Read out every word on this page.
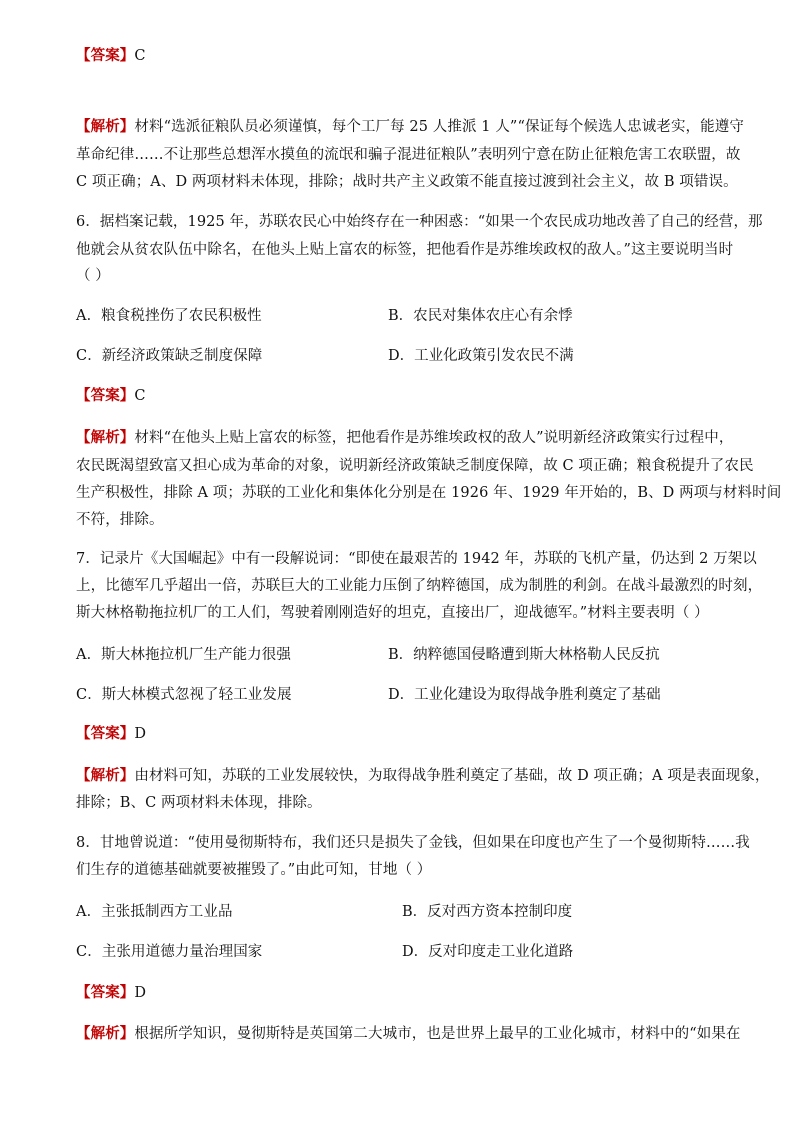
【答案】C
【解析】材料“选派征粮队员必须谨慎，每个工厂每 25 人推派 1 人”“保证每个候选人忠诚老实，能遵守
革命纪律……不让那些总想浑水摸鱼的流氓和骗子混进征粮队”表明列宁意在防止征粮危害工农联盟，故
C 项正确；A、D 两项材料未体现，排除；战时共产主义政策不能直接过渡到社会主义，故 B 项错误。
6．据档案记载，1925 年，苏联农民心中始终存在一种困惑：“如果一个农民成功地改善了自己的经营，那
他就会从贫农队伍中除名，在他头上贴上富农的标签，把他看作是苏维埃政权的敌人。”这主要说明当时
（ ）
A．粮食税挫伤了农民积极性	B．农民对集体农庄心有余悸
C．新经济政策缺乏制度保障	D．工业化政策引发农民不满
【答案】C
【解析】材料“在他头上贴上富农的标签，把他看作是苏维埃政权的敌人”说明新经济政策实行过程中，
农民既渴望致富又担心成为革命的对象，说明新经济政策缺乏制度保障，故 C 项正确；粮食税提升了农民
生产积极性，排除 A 项；苏联的工业化和集体化分别是在 1926 年、1929 年开始的，B、D 两项与材料时间
不符，排除。
7．记录片《大国崛起》中有一段解说词：“即使在最艰苦的 1942 年，苏联的飞机产量，仍达到 2 万架以
上，比德军几乎超出一倍，苏联巨大的工业能力压倒了纳粹德国，成为制胜的利剑。在战斗最激烈的时刻，
斯大林格勒拖拉机厂的工人们，驾驶着刚刚造好的坦克，直接出厂，迎战德军。”材料主要表明（ ）
A．斯大林拖拉机厂生产能力很强	B．纳粹德国侵略遭到斯大林格勒人民反抗
C．斯大林模式忽视了轻工业发展	D．工业化建设为取得战争胜利奠定了基础
【答案】D
【解析】由材料可知，苏联的工业发展较快，为取得战争胜利奠定了基础，故 D 项正确；A 项是表面现象，
排除；B、C 两项材料未体现，排除。
8．甘地曾说道：“使用曼彻斯特布，我们还只是损失了金钱，但如果在印度也产生了一个曼彻斯特……我
们生存的道德基础就要被摧毁了。”由此可知，甘地（ ）
A．主张抵制西方工业品	B．反对西方资本控制印度
C．主张用道德力量治理国家	D．反对印度走工业化道路
【答案】D
【解析】根据所学知识，曼彻斯特是英国第二大城市，也是世界上最早的工业化城市，材料中的“如果在
